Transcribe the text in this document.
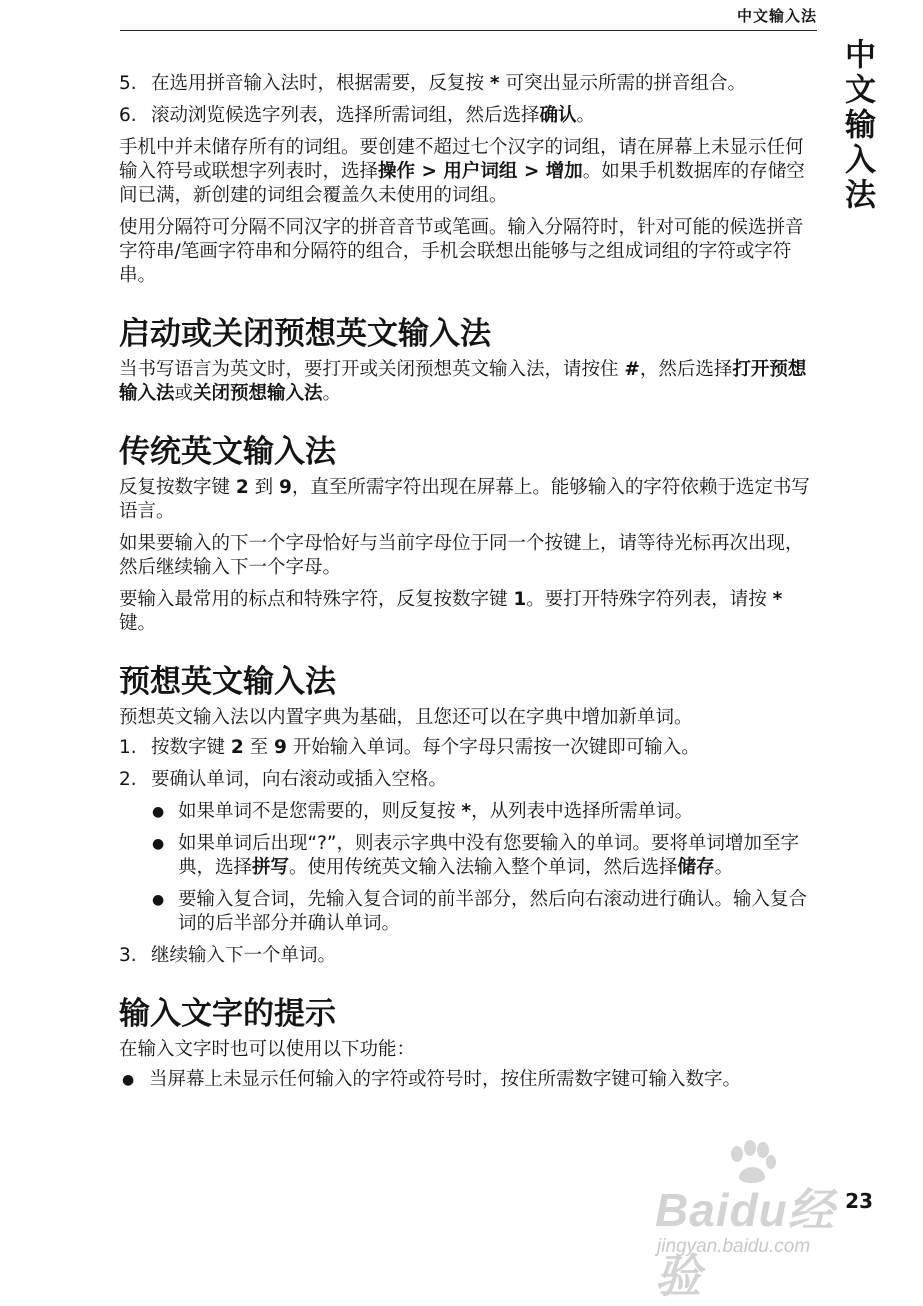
中文输入法
中文输入法
5. 在选用拼音输入法时，根据需要，反复按 * 可突出显示所需的拼音组合。
6. 滚动浏览候选字列表，选择所需词组，然后选择确认。

手机中并未储存所有的词组。要创建不超过七个汉字的词组，请在屏幕上未显示任何输入符号或联想字列表时，选择操作 > 用户词组 > 增加。如果手机数据库的存储空间已满，新创建的词组会覆盖久未使用的词组。

使用分隔符可分隔不同汉字的拼音音节或笔画。输入分隔符时，针对可能的候选拼音字符串/笔画字符串和分隔符的组合，手机会联想出能够与之组成词组的字符或字符串。

启动或关闭预想英文输入法

当书写语言为英文时，要打开或关闭预想英文输入法，请按住 #，然后选择打开预想输入法或关闭预想输入法。

传统英文输入法

反复按数字键 2 到 9，直至所需字符出现在屏幕上。能够输入的字符依赖于选定书写语言。

如果要输入的下一个字母恰好与当前字母位于同一个按键上，请等待光标再次出现，然后继续输入下一个字母。

要输入最常用的标点和特殊字符，反复按数字键 1。要打开特殊字符列表，请按 * 键。

预想英文输入法

预想英文输入法以内置字典为基础，且您还可以在字典中增加新单词。

1. 按数字键 2 至 9 开始输入单词。每个字母只需按一次键即可输入。
2. 要确认单词，向右滚动或插入空格。
● 如果单词不是您需要的，则反复按 *，从列表中选择所需单词。
● 如果单词后出现“?”，则表示字典中没有您要输入的单词。要将单词增加至字典，选择拼写。使用传统英文输入法输入整个单词，然后选择储存。
● 要输入复合词，先输入复合词的前半部分，然后向右滚动进行确认。输入复合词的后半部分并确认单词。
3. 继续输入下一个单词。
输入文字的提示

在输入文字时也可以使用以下功能：

● 当屏幕上未显示任何输入的字符或符号时，按住所需数字键可输入数字。
Baidu经验
jingyan.baidu.com
23
